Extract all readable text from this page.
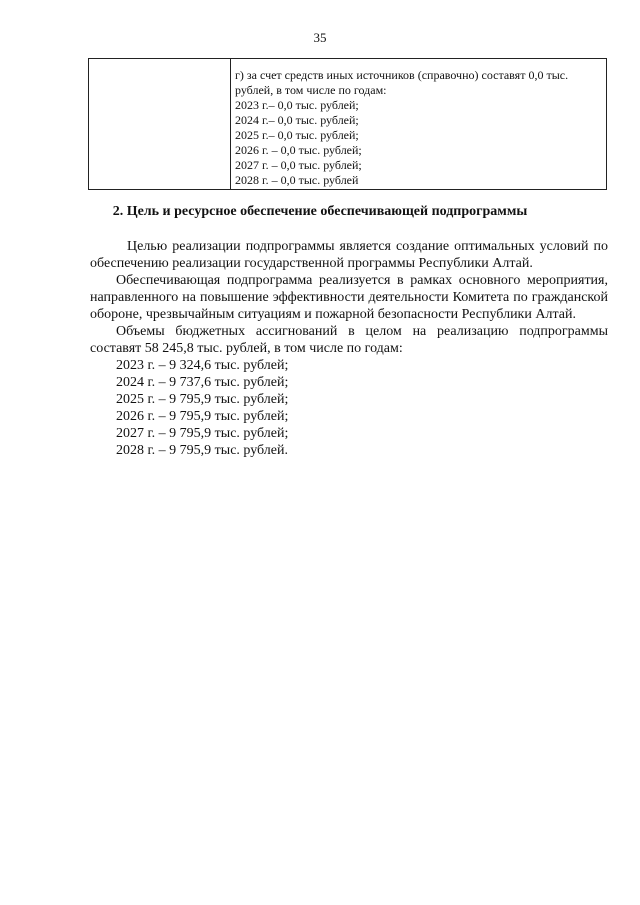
35
г) за счет средств иных источников (справочно) составят 0,0 тыс. рублей, в том числе по годам:
2023 г.– 0,0 тыс. рублей;
2024 г.– 0,0 тыс. рублей;
2025 г.– 0,0 тыс. рублей;
2026 г. – 0,0 тыс. рублей;
2027 г. – 0,0 тыс. рублей;
2028 г. – 0,0 тыс. рублей
2. Цель и ресурсное обеспечение обеспечивающей подпрограммы

Целью реализации подпрограммы является создание оптимальных условий по обеспечению реализации государственной программы Республики Алтай.

Обеспечивающая подпрограмма реализуется в рамках основного мероприятия, направленного на повышение эффективности деятельности Комитета по гражданской обороне, чрезвычайным ситуациям и пожарной безопасности Республики Алтай.

Объемы бюджетных ассигнований в целом на реализацию подпрограммы составят 58 245,8 тыс. рублей, в том числе по годам:

2023 г. – 9 324,6 тыс. рублей;
2024 г. – 9 737,6 тыс. рублей;
2025 г. – 9 795,9 тыс. рублей;
2026 г. – 9 795,9 тыс. рублей;
2027 г. – 9 795,9 тыс. рублей;
2028 г. – 9 795,9 тыс. рублей.
